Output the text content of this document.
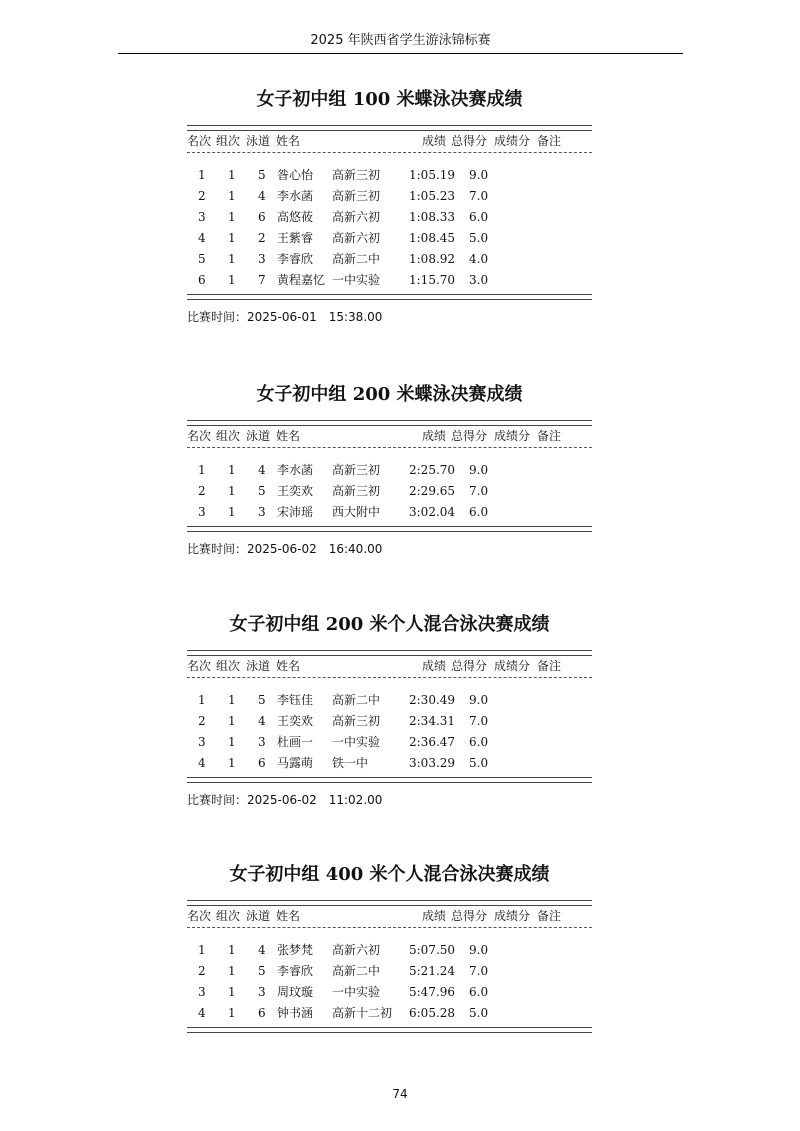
2025 年陕西省学生游泳锦标赛
女子初中组 100 米蝶泳决赛成绩
名次 组次 泳道 姓名	成绩 总得分 成绩分 备注
1 1 5 昝心怡 高新三初 1:05.19 9.0
2 1 4 李水菡 高新三初 1:05.23 7.0
3 1 6 高悠莜 高新六初 1:08.33 6.0
4 1 2 王紫睿 高新六初 1:08.45 5.0
5 1 3 李睿欣 高新二中 1:08.92 4.0
6 1 7 黄程嘉忆 一中实验 1:15.70 3.0
比赛时间：2025-06-01　15:38.00
女子初中组 200 米蝶泳决赛成绩
名次 组次 泳道 姓名	成绩 总得分 成绩分 备注
1 1 4 李水菡 高新三初 2:25.70 9.0
2 1 5 王奕欢 高新三初 2:29.65 7.0
3 1 3 宋沛瑶 西大附中 3:02.04 6.0
比赛时间：2025-06-02　16:40.00
女子初中组 200 米个人混合泳决赛成绩
名次 组次 泳道 姓名	成绩 总得分 成绩分 备注
1 1 5 李钰佳 高新二中 2:30.49 9.0
2 1 4 王奕欢 高新三初 2:34.31 7.0
3 1 3 杜画一 一中实验 2:36.47 6.0
4 1 6 马露萌 铁一中	3:03.29 5.0
比赛时间：2025-06-02　11:02.00
女子初中组 400 米个人混合泳决赛成绩
名次 组次 泳道 姓名	成绩 总得分 成绩分 备注
1 1 4 张梦梵 高新六初 5:07.50 9.0
2 1 5 李睿欣 高新二中 5:21.24 7.0
3 1 3 周玟璇 一中实验 5:47.96 6.0
4 1 6 钟书涵 高新十二初 6:05.28 5.0
74
